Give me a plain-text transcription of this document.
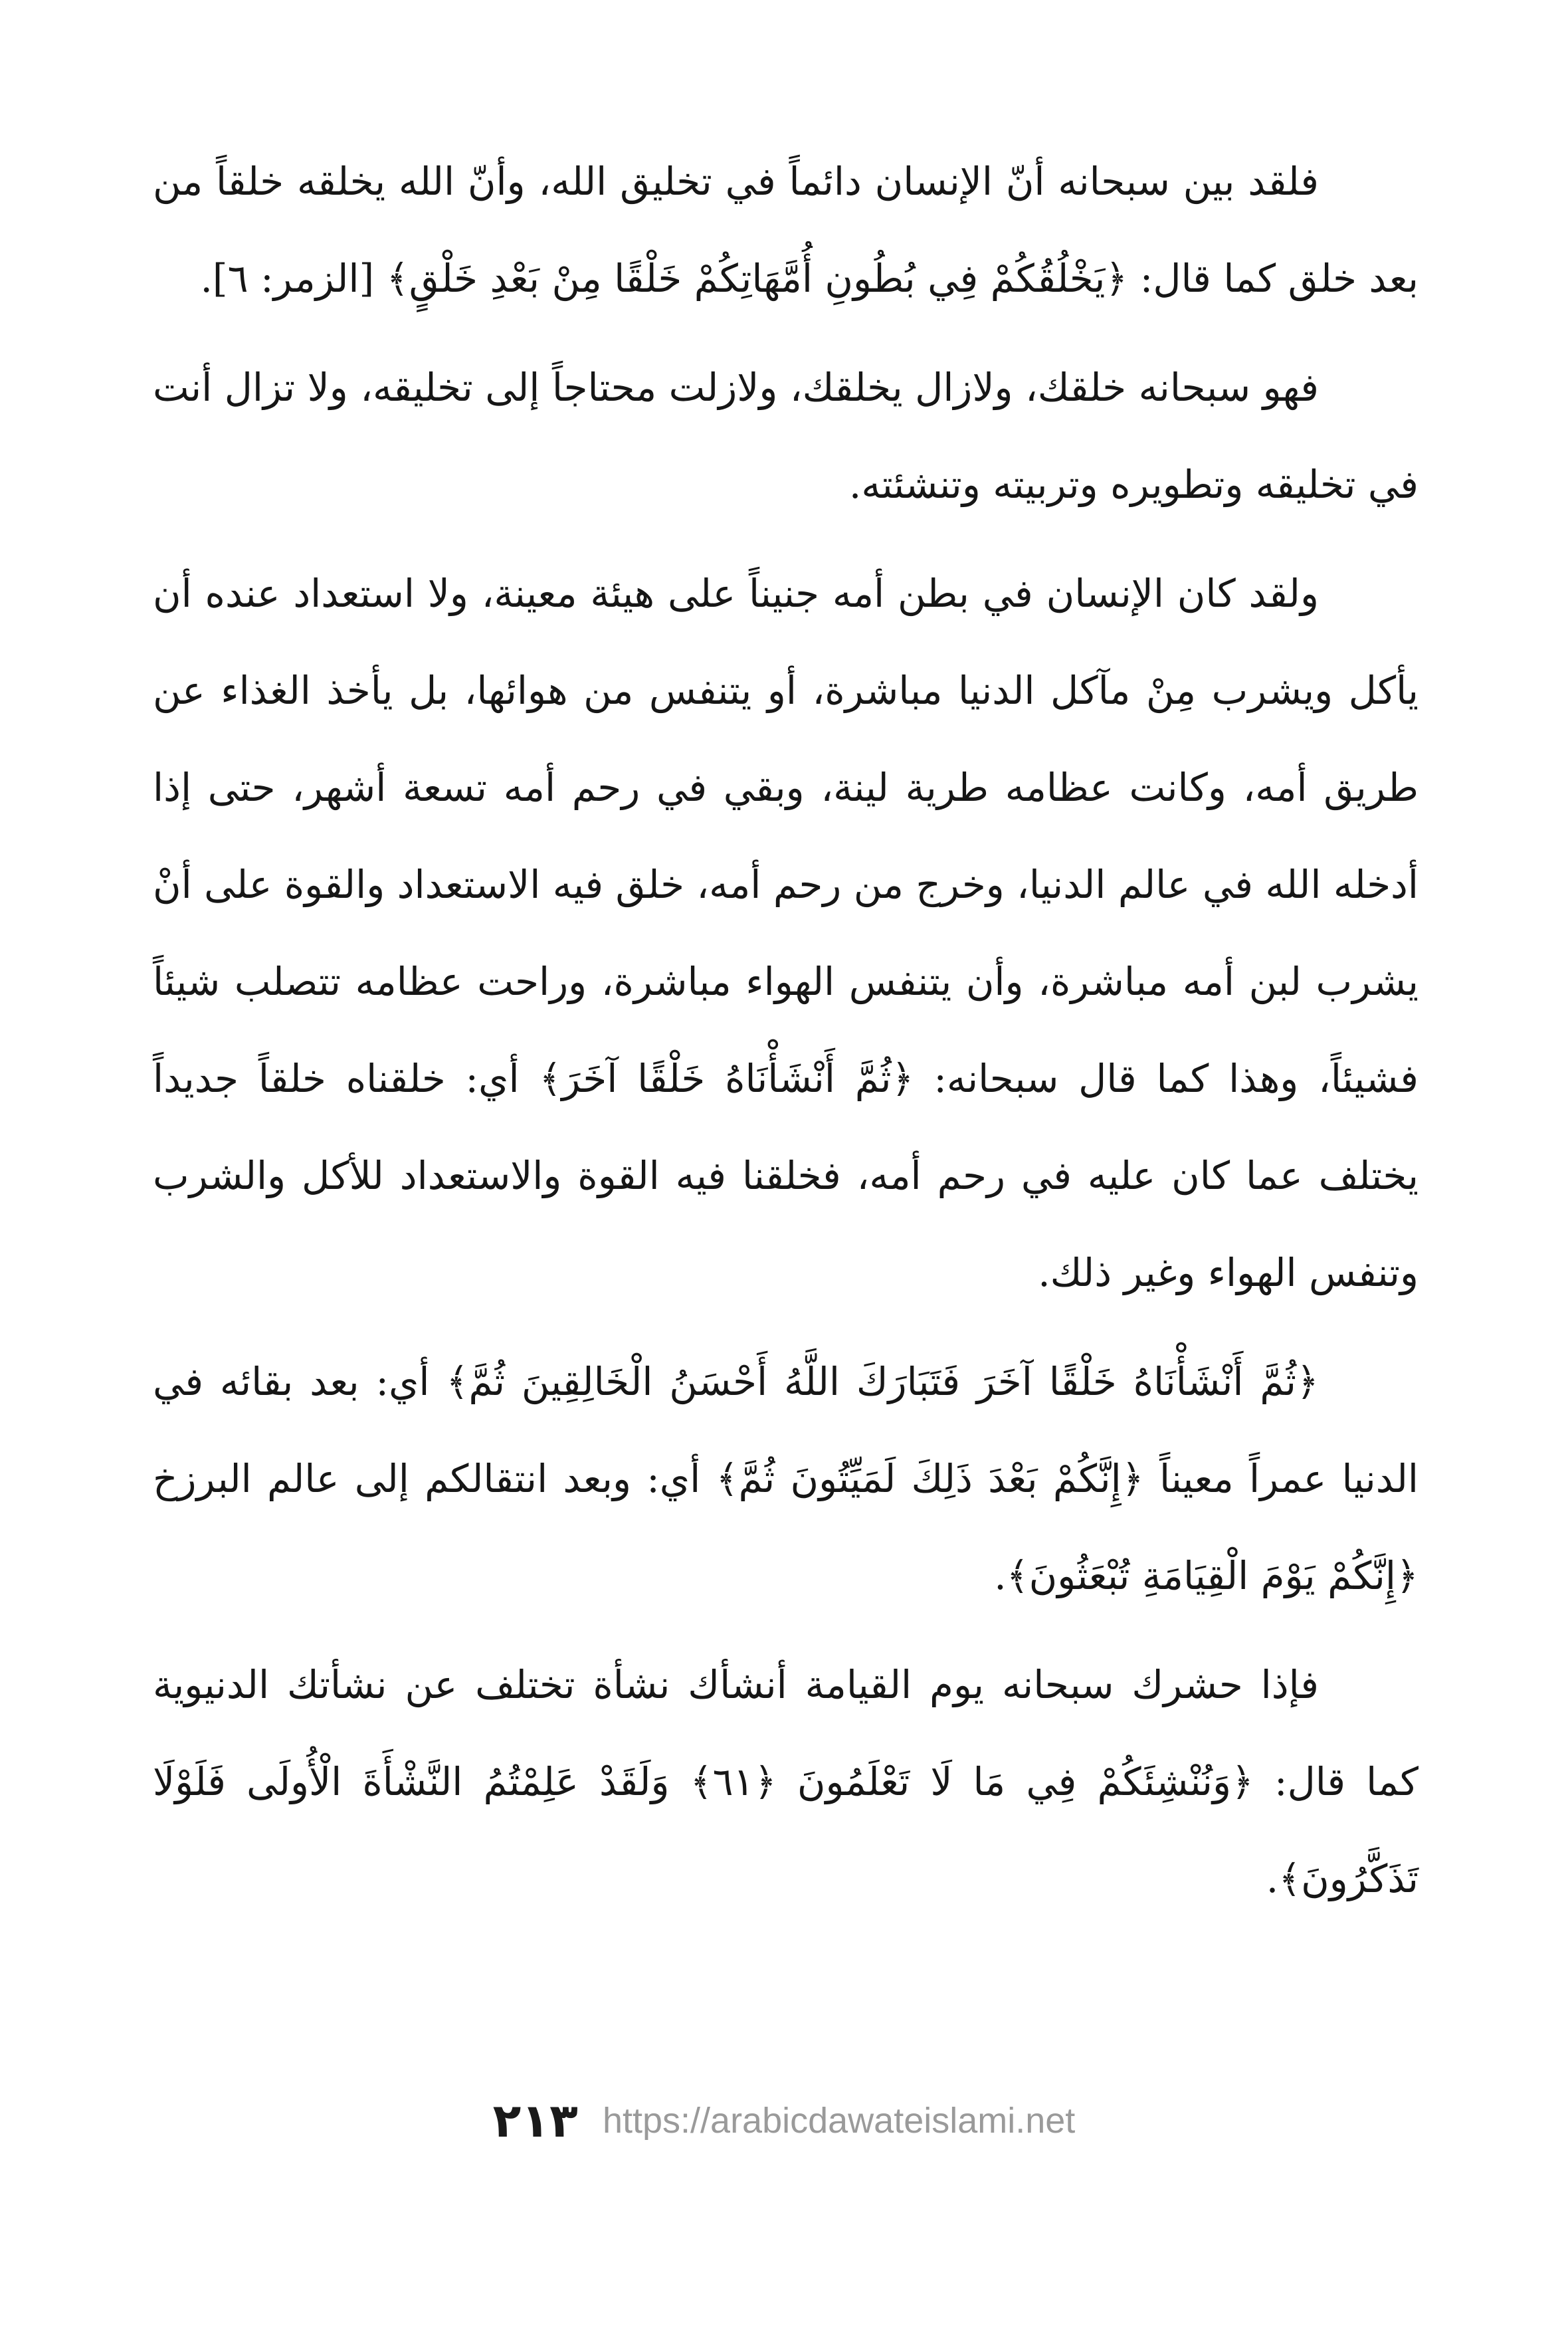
فلقد بين سبحانه أنّ الإنسان دائماً في تخليق الله، وأنّ الله يخلقه خلقاً من بعد خلق كما قال: ﴿يَخْلُقُكُمْ فِي بُطُونِ أُمَّهَاتِكُمْ خَلْقًا مِنْ بَعْدِ خَلْقٍ﴾ [الزمر: ٦].

فهو سبحانه خلقك، ولازال يخلقك، ولازلت محتاجاً إلى تخليقه، ولا تزال أنت في تخليقه وتطويره وتربيته وتنشئته.

ولقد كان الإنسان في بطن أمه جنيناً على هيئة معينة، ولا استعداد عنده أن يأكل ويشرب مِنْ مآكل الدنيا مباشرة، أو يتنفس من هوائها، بل يأخذ الغذاء عن طريق أمه، وكانت عظامه طرية لينة، وبقي في رحم أمه تسعة أشهر، حتى إذا أدخله الله في عالم الدنيا، وخرج من رحم أمه، خلق فيه الاستعداد والقوة على أنْ يشرب لبن أمه مباشرة، وأن يتنفس الهواء مباشرة، وراحت عظامه تتصلب شيئاً فشيئاً، وهذا كما قال سبحانه: ﴿ثُمَّ أَنْشَأْنَاهُ خَلْقًا آخَرَ﴾ أي: خلقناه خلقاً جديداً يختلف عما كان عليه في رحم أمه، فخلقنا فيه القوة والاستعداد للأكل والشرب وتنفس الهواء وغير ذلك.

﴿ثُمَّ أَنْشَأْنَاهُ خَلْقًا آخَرَ فَتَبَارَكَ اللَّهُ أَحْسَنُ الْخَالِقِينَ ثُمَّ﴾ أي: بعد بقائه في الدنيا عمراً معيناً ﴿إِنَّكُمْ بَعْدَ ذَلِكَ لَمَيِّتُونَ ثُمَّ﴾ أي: وبعد انتقالكم إلى عالم البرزخ ﴿إِنَّكُمْ يَوْمَ الْقِيَامَةِ تُبْعَثُونَ﴾.

فإذا حشرك سبحانه يوم القيامة أنشأك نشأة تختلف عن نشأتك الدنيوية كما قال: ﴿وَنُنْشِئَكُمْ فِي مَا لَا تَعْلَمُونَ ﴿٦١﴾ وَلَقَدْ عَلِمْتُمُ النَّشْأَةَ الْأُولَى فَلَوْلَا تَذَكَّرُونَ﴾.

٢١٣ https://arabicdawateislami.net
